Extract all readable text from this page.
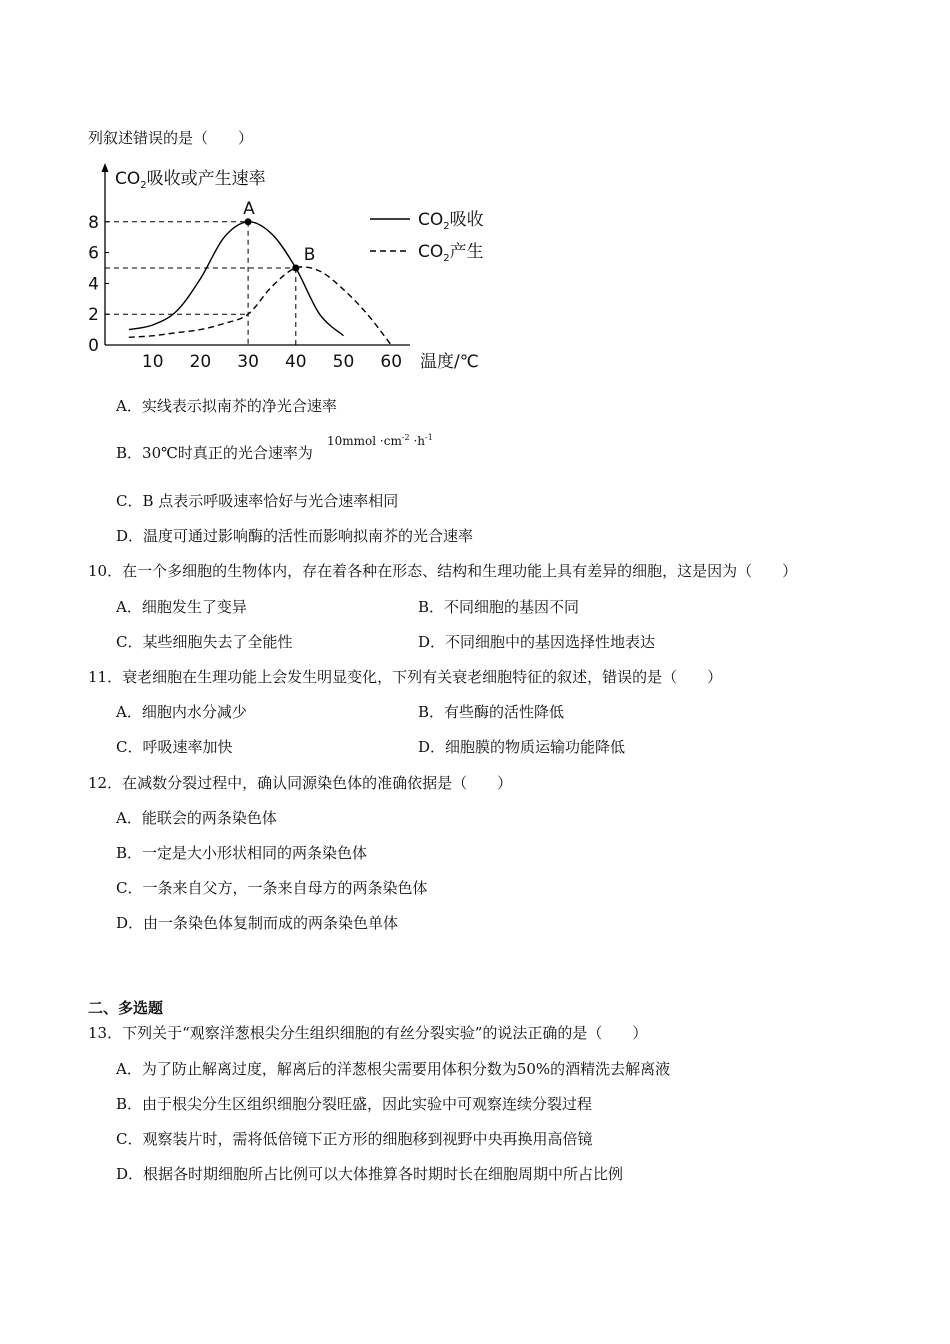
列叙述错误的是（　　）
$CO_2$吸收或产生速率
温度/℃
10 20 30 40 50 60
0
2
4
6
8
A
B
$CO_2$吸收
$CO_2$产生
A．实线表示拟南芥的净光合速率
10mmol $\cdot cm^{-2} \cdot h^{-1}$
B．30℃时真正的光合速率为
C．B 点表示呼吸速率恰好与光合速率相同
D．温度可通过影响酶的活性而影响拟南芥的光合速率
10．在一个多细胞的生物体内，存在着各种在形态、结构和生理功能上具有差异的细胞，这是因为（　　）
A．细胞发生了变异	B．不同细胞的基因不同
C．某些细胞失去了全能性	D．不同细胞中的基因选择性地表达
11．衰老细胞在生理功能上会发生明显变化，下列有关衰老细胞特征的叙述，错误的是（　　）
A．细胞内水分减少	B．有些酶的活性降低
C．呼吸速率加快	D．细胞膜的物质运输功能降低
12．在减数分裂过程中，确认同源染色体的准确依据是（　　）
A．能联会的两条染色体
B．一定是大小形状相同的两条染色体
C．一条来自父方，一条来自母方的两条染色体
D．由一条染色体复制而成的两条染色单体
二、多选题
13．下列关于“观察洋葱根尖分生组织细胞的有丝分裂实验”的说法正确的是（　　）
A．为了防止解离过度，解离后的洋葱根尖需要用体积分数为50%的酒精洗去解离液
B．由于根尖分生区组织细胞分裂旺盛，因此实验中可观察连续分裂过程
C．观察装片时，需将低倍镜下正方形的细胞移到视野中央再换用高倍镜
D．根据各时期细胞所占比例可以大体推算各时期时长在细胞周期中所占比例
